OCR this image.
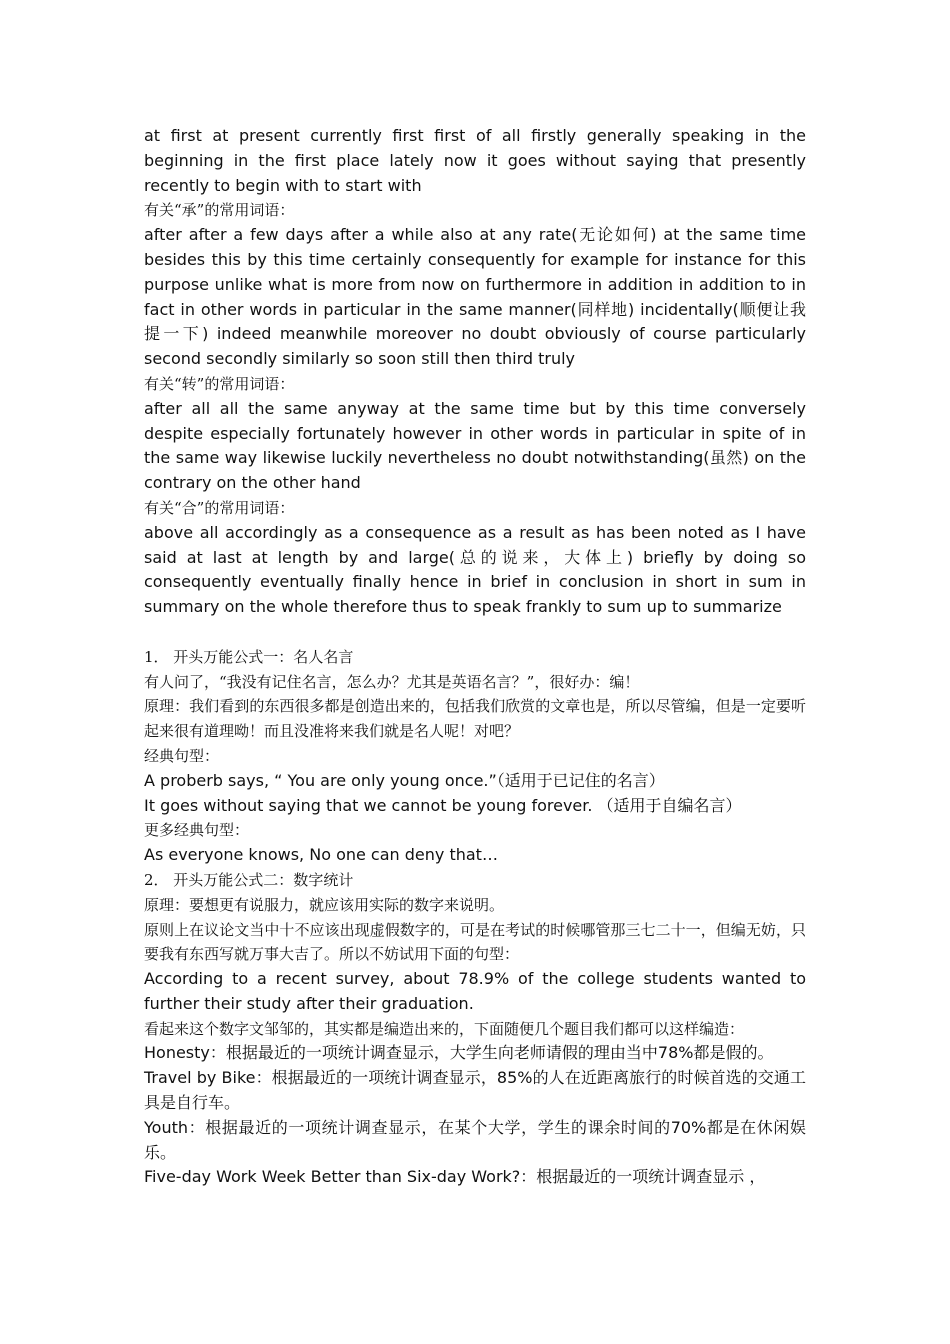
at first at present currently first first of all firstly generally speaking in the beginning in the first place lately now it goes without saying that presently recently to begin with to start with

有关“承”的常用词语：

after after a few days after a while also at any rate(无论如何) at the same time besides this by this time certainly consequently for example for instance for this purpose unlike what is more from now on furthermore in addition in addition to in fact in other words in particular in the same manner(同样地) incidentally(顺便让我提一下) indeed meanwhile moreover no doubt obviously of course particularly second secondly similarly so soon still then third truly

有关“转”的常用词语：

after all all the same anyway at the same time but by this time conversely despite especially fortunately however in other words in particular in spite of in the same way likewise luckily nevertheless no doubt notwithstanding(虽然) on the contrary on the other hand

有关“合”的常用词语：

above all accordingly as a consequence as a result as has been noted as I have said at last at length by and large(总的说来，大体上) briefly by doing so consequently eventually finally hence in brief in conclusion in short in sum in summary on the whole therefore thus to speak frankly to sum up to summarize

1． 开头万能公式一：名人名言

有人问了，“我没有记住名言，怎么办？尤其是英语名言？”，很好办：编！

原理：我们看到的东西很多都是创造出来的，包括我们欣赏的文章也是，所以尽管编，但是一定要听起来很有道理呦！而且没准将来我们就是名人呢！对吧？

经典句型：

A proberb says, “ You are only young once.”（适用于已记住的名言）

It goes without saying that we cannot be young forever. （适用于自编名言）

更多经典句型：

As everyone knows, No one can deny that…

2． 开头万能公式二：数字统计

原理：要想更有说服力，就应该用实际的数字来说明。

原则上在议论文当中十不应该出现虚假数字的，可是在考试的时候哪管那三七二十一，但编无妨，只要我有东西写就万事大吉了。所以不妨试用下面的句型：

According to a recent survey, about 78.9% of the college students wanted to further their study after their graduation.

看起来这个数字文邹邹的，其实都是编造出来的，下面随便几个题目我们都可以这样编造：

Honesty：根据最近的一项统计调查显示，大学生向老师请假的理由当中78%都是假的。

Travel by Bike：根据最近的一项统计调查显示，85%的人在近距离旅行的时候首选的交通工具是自行车。

Youth：根据最近的一项统计调查显示，在某个大学，学生的课余时间的70%都是在休闲娱乐。

Five-day Work Week Better than Six-day Work?：根据最近的一项统计调查显示 ，
